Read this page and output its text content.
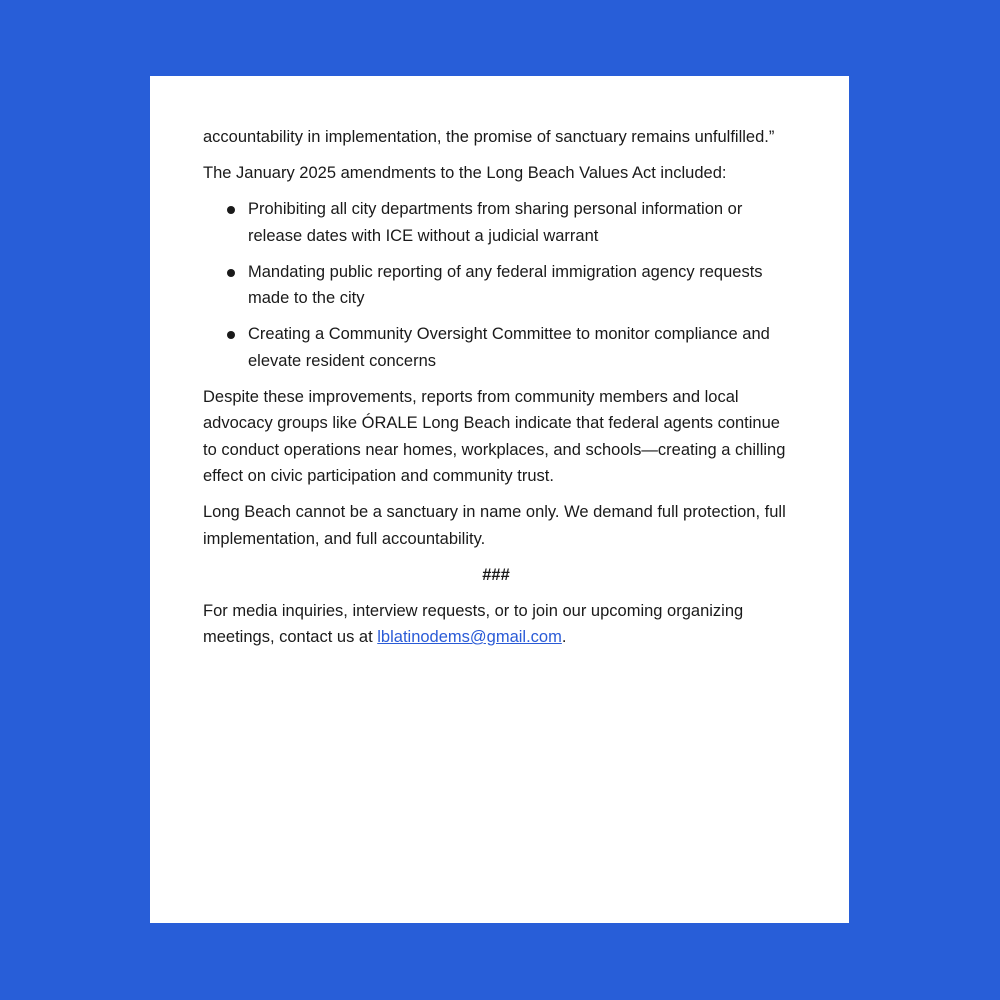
accountability in implementation, the promise of sanctuary remains unfulfilled.”

The January 2025 amendments to the Long Beach Values Act included:

Prohibiting all city departments from sharing personal information or release dates with ICE without a judicial warrant
Mandating public reporting of any federal immigration agency requests made to the city
Creating a Community Oversight Committee to monitor compliance and elevate resident concerns

Despite these improvements, reports from community members and local advocacy groups like ÓRALE Long Beach indicate that federal agents continue to conduct operations near homes, workplaces, and schools—creating a chilling effect on civic participation and community trust.

Long Beach cannot be a sanctuary in name only. We demand full protection, full implementation, and full accountability.

###

For media inquiries, interview requests, or to join our upcoming organizing meetings, contact us at lblatinodems@gmail.com.
